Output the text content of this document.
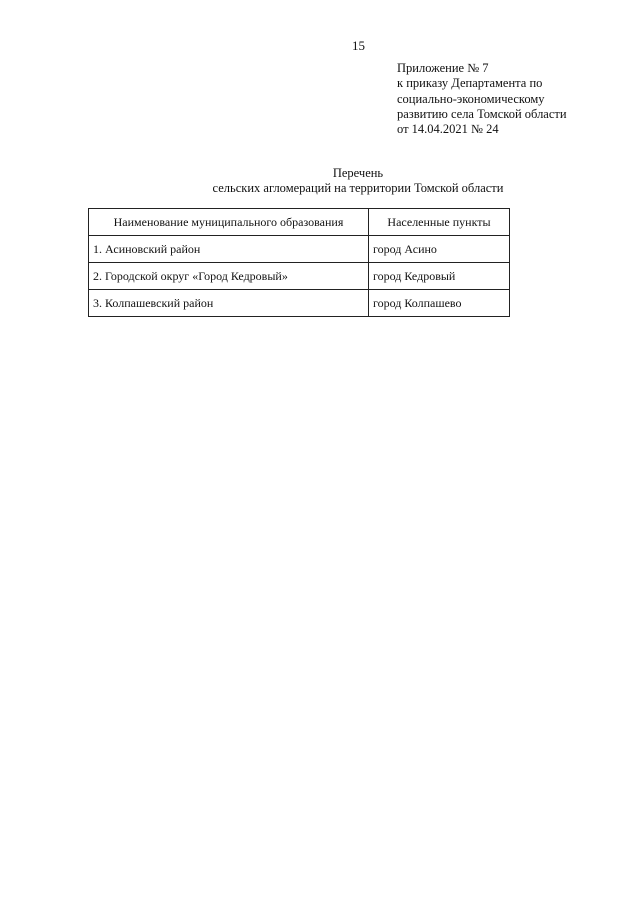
15
Приложение № 7
к приказу Департамента по
социально-экономическому
развитию села Томской области
от 14.04.2021 № 24
Перечень
сельских агломераций на территории Томской области
Наименование муниципального образования	Населенные пункты
1. Асиновский район	город Асино
2. Городской округ «Город Кедровый»	город Кедровый
3. Колпашевский район	город Колпашево
